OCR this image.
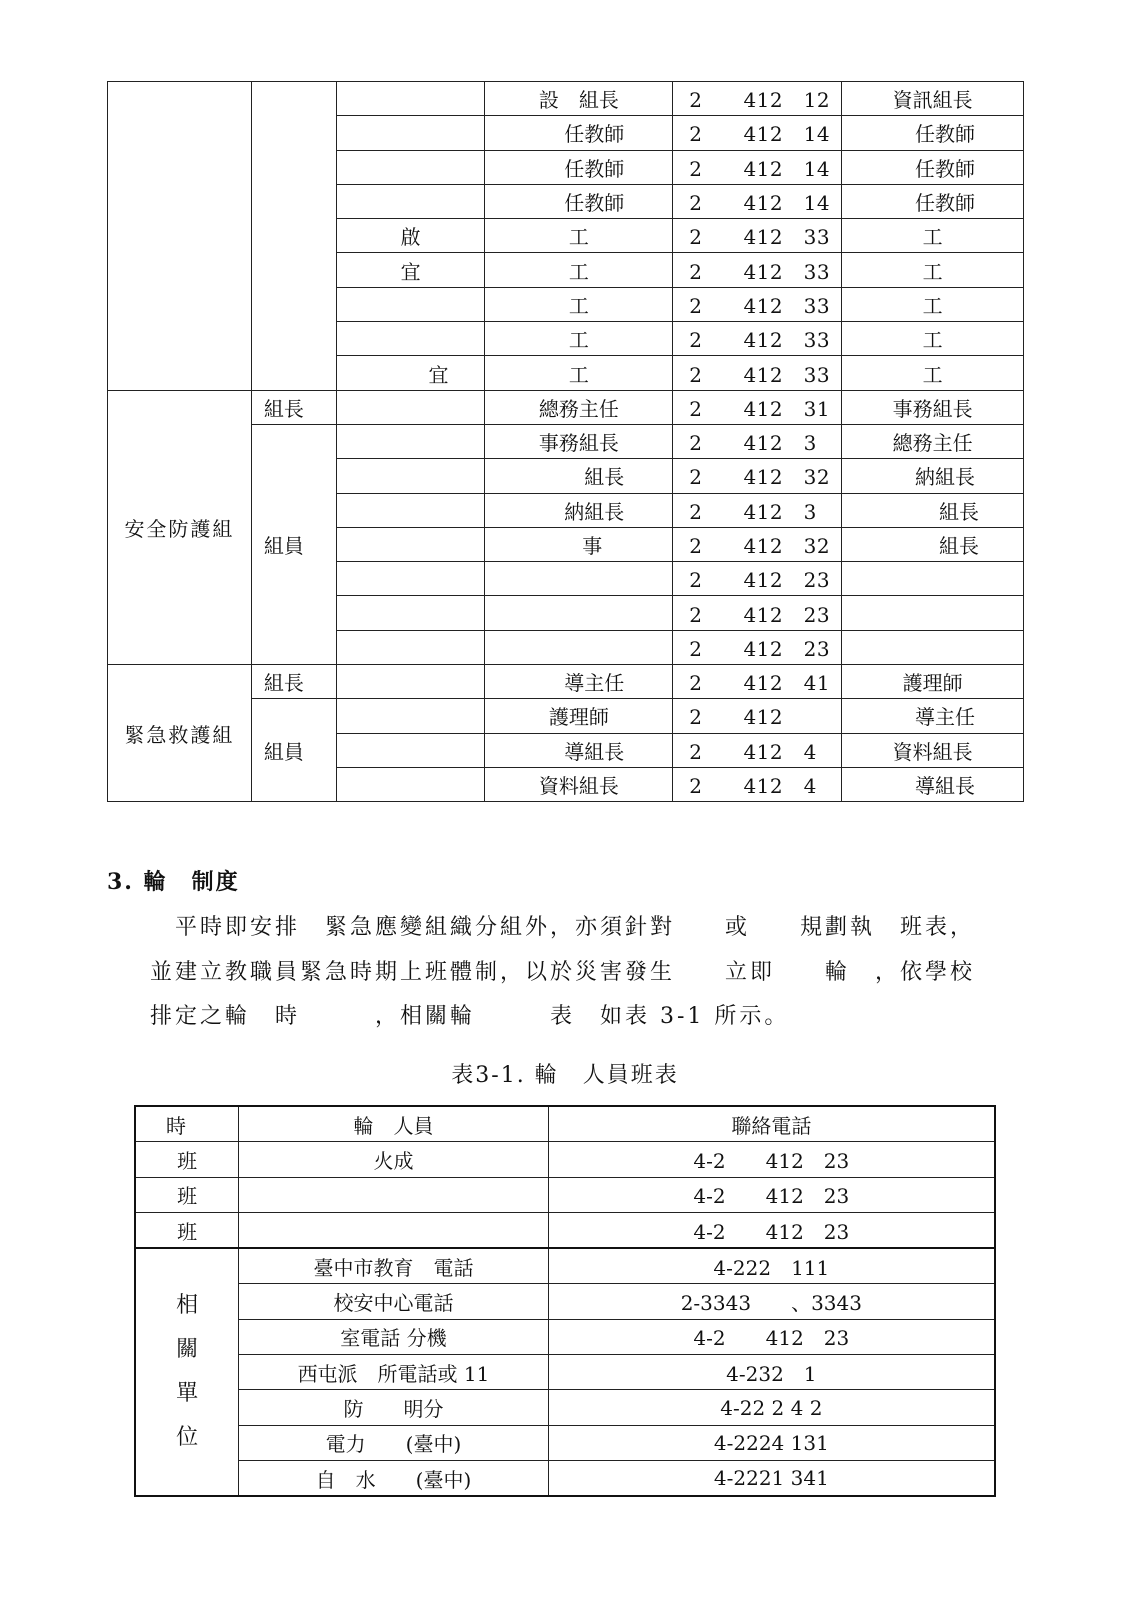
			設　組長	2　　412　12	資訊組長
			任教師	2　　412　14	任教師
			任教師	2　　412　14	任教師
			任教師	2　　412　14	任教師
		啟	工	2　　412　33	工
		宜	工	2　　412　33	工
			工	2　　412　33	工
			工	2　　412　33	工
		宜	工	2　　412　33	工
安全防護組	組長		總務主任	2　　412　31	事務組長
	組員		事務組長	2　　412　3	總務主任
			組長	2　　412　32	納組長
			納組長	2　　412　3	組長
			事	2　　412　32	組長
				2　　412　23	
				2　　412　23	
				2　　412　23	
緊急救護組	組長		導主任	2　　412　41	護理師
	組員		護理師	2　　412	導主任
			導組長	2　　412　4	資料組長
			資料組長	2　　412　4	導組長
3. 輪　制度
平時即安排　緊急應變組織分組外，亦須針對　　或　　規劃執　班表，
並建立教職員緊急時期上班體制，以於災害發生　　立即　　輪　，依學校
排定之輪　時　　　，相關輪　　　表　如表 3-1 所示。
表3-1. 輪　人員班表
時	輪　人員	聯絡電話
班	火成	4-2　　412　23
班		4-2　　412　23
班		4-2　　412　23
相
關
單
位	臺中市教育　電話	4-222　111
	校安中心電話	2-3343　　、3343
	室電話 分機	4-2　　412　23
	西屯派　所電話或 11	4-232　1
	防　　明分	4-22 2 4 2
	電力　　(臺中)	4-2224 131
	自　水　　(臺中)	4-2221 341
